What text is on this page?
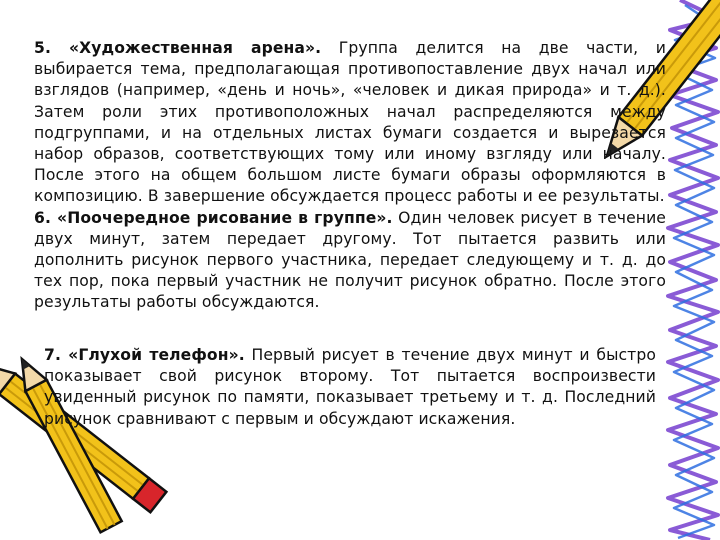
5. «Художественная арена». Группа делится на две части, и выбирается тема, предполагающая противопоставление двух начал или взглядов (например, «день и ночь», «человек и дикая природа» и т. д.). Затем роли этих противоположных начал распределяются между подгруппами, и на отдельных листах бумаги создается и вырезается набор образов, соответствующих тому или иному взгляду или началу. После этого на общем большом листе бумаги образы оформляются в композицию. В завершение обсуждается процесс работы и ее результаты.

6. «Поочередное рисование в группе». Один человек рисует в течение двух минут, затем передает другому. Тот пытается развить или дополнить рисунок первого участника, передает следующему и т. д. до тех пор, пока первый участник не получит рисунок обратно. После этого результаты работы обсуждаются.

7. «Глухой телефон». Первый рисует в течение двух минут и быстро показывает свой рисунок второму. Тот пытается воспроизвести увиденный рисунок по памяти, показывает третьему и т. д. Последний рисунок сравнивают с первым и обсуждают искажения.
